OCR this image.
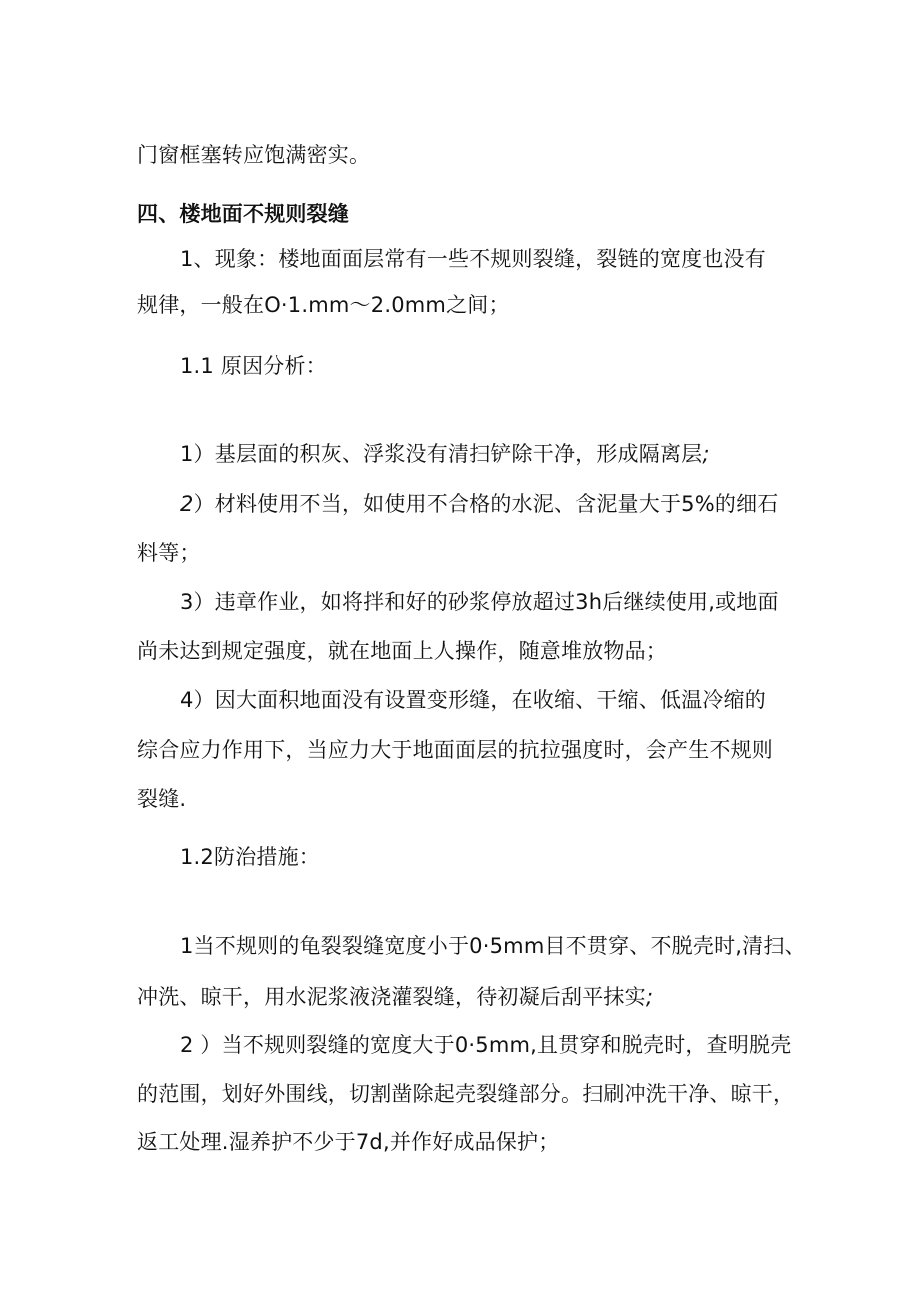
门窗框塞转应饱满密实。
四、楼地面不规则裂缝
1、现象：楼地面面层常有一些不规则裂缝，裂链的宽度也没有
规律，一般在O·1.mm～2.0mm之间；
1.1 原因分析：
1）基层面的积灰、浮浆没有清扫铲除干净，形成隔离层;
2）材料使用不当，如使用不合格的水泥、含泥量大于5%的细石
料等；
3）违章作业，如将拌和好的砂浆停放超过3h后继续使用,或地面
尚未达到规定强度，就在地面上人操作，随意堆放物品；
4）因大面积地面没有设置变形缝，在收缩、干缩、低温冷缩的
综合应力作用下，当应力大于地面面层的抗拉强度时，会产生不规则
裂缝.
1.2防治措施：
1当不规则的龟裂裂缝宽度小于0·5mm目不贯穿、不脱壳时,清扫、
冲洗、晾干，用水泥浆液浇灌裂缝，待初凝后刮平抹实;
2 ）当不规则裂缝的宽度大于0·5mm,且贯穿和脱壳时，查明脱壳
的范围，划好外围线，切割凿除起壳裂缝部分。扫刷冲洗干净、晾干，
返工处理.湿养护不少于7d,并作好成品保护；
